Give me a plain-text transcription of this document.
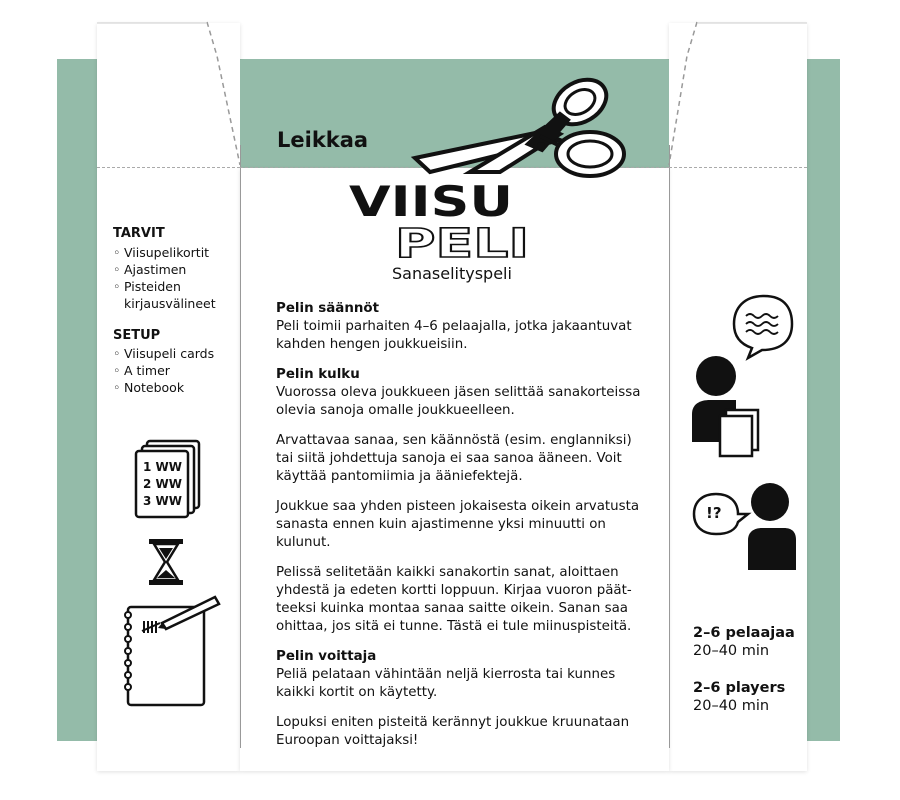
Leikkaa
TARVIT
◦ Viisupelikortit
◦ Ajastimen
◦ Pisteiden kirjausvälineet
SETUP
◦ Viisupeli cards
◦ A timer
◦ Notebook
1 WW
2 WW
3 WW
VIISU
PELI
Sanaselityspeli

Pelin säännöt

Peli toimii parhaiten 4–6 pelaajalla, jotka jakaantuvat kahden hengen joukkueisiin.

Pelin kulku

Vuorossa oleva joukkueen jäsen selittää sanakorteissa olevia sanoja omalle joukkueelleen.

Arvattavaa sanaa, sen käännöstä (esim. englanniksi) tai siitä johdettuja sanoja ei saa sanoa ääneen. Voit käyttää pantomiimia ja ääniefektejä.

Joukkue saa yhden pisteen jokaisesta oikein arvatusta sanasta ennen kuin ajastimenne yksi minuutti on kulunut.

Pelissä selitetään kaikki sanakortin sanat, aloittaen yhdestä ja edeten kortti loppuun. Kirjaa vuoron päät- teeksi kuinka montaa sanaa saitte oikein. Sanan saa ohittaa, jos sitä ei tunne. Tästä ei tule miinuspisteitä.

Pelin voittaja

Peliä pelataan vähintään neljä kierrosta tai kunnes kaikki kortit on käytetty.

Lopuksi eniten pisteitä kerännyt joukkue kruunataan Euroopan voittajaksi!

!?
2–6 pelaajaa
20–40 min
2–6 players
20–40 min
